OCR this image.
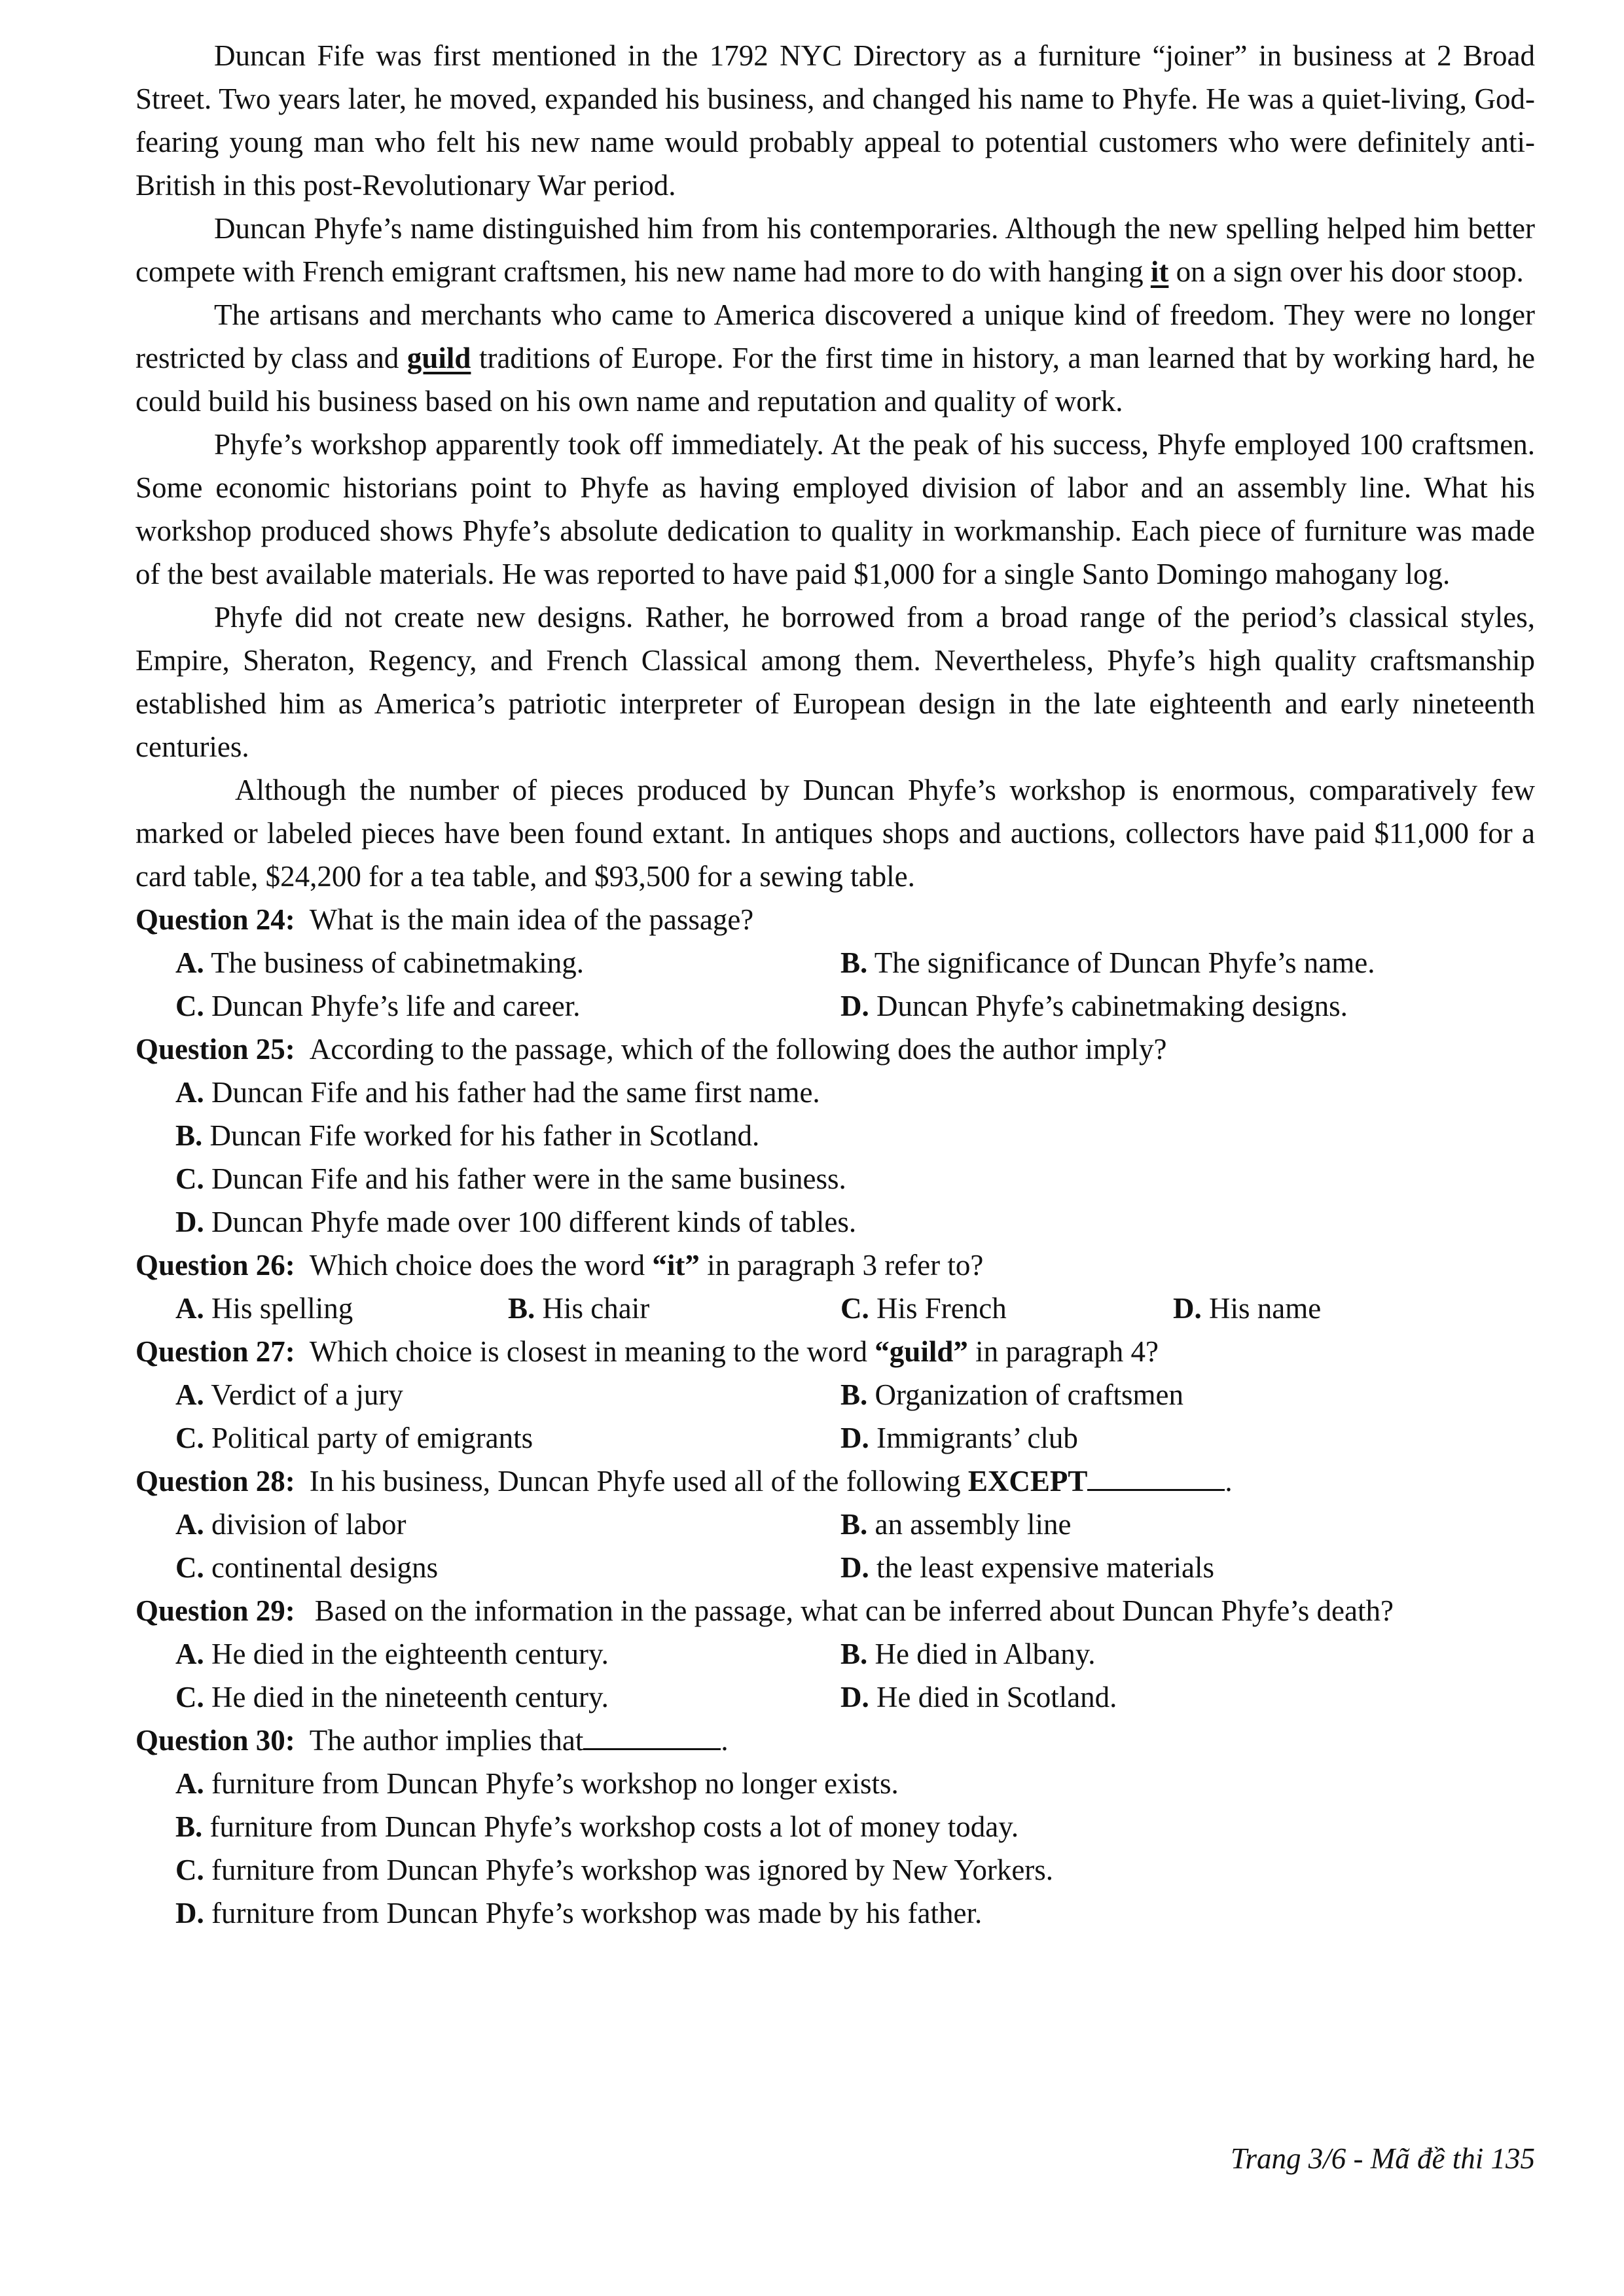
Duncan Fife was first mentioned in the 1792 NYC Directory as a furniture “joiner” in business at 2 Broad Street. Two years later, he moved, expanded his business, and changed his name to Phyfe. He was a quiet-living, God-fearing young man who felt his new name would probably appeal to potential customers who were definitely anti-British in this post-Revolutionary War period.

Duncan Phyfe’s name distinguished him from his contemporaries. Although the new spelling helped him better compete with French emigrant craftsmen, his new name had more to do with hanging it on a sign over his door stoop.

The artisans and merchants who came to America discovered a unique kind of freedom. They were no longer restricted by class and guild traditions of Europe. For the first time in history, a man learned that by working hard, he could build his business based on his own name and reputation and quality of work.

Phyfe’s workshop apparently took off immediately. At the peak of his success, Phyfe employed 100 craftsmen. Some economic historians point to Phyfe as having employed division of labor and an assembly line. What his workshop produced shows Phyfe’s absolute dedication to quality in workmanship. Each piece of furniture was made of the best available materials. He was reported to have paid $1,000 for a single Santo Domingo mahogany log.

Phyfe did not create new designs. Rather, he borrowed from a broad range of the period’s classical styles, Empire, Sheraton, Regency, and French Classical among them. Nevertheless, Phyfe’s high quality craftsmanship established him as America’s patriotic interpreter of European design in the late eighteenth and early nineteenth centuries.

Although the number of pieces produced by Duncan Phyfe’s workshop is enormous, comparatively few marked or labeled pieces have been found extant. In antiques shops and auctions, collectors have paid $11,000 for a card table, $24,200 for a tea table, and $93,500 for a sewing table.

Question 24: What is the main idea of the passage?

A. The business of cabinetmaking.	B. The significance of Duncan Phyfe’s name.
C. Duncan Phyfe’s life and career.	D. Duncan Phyfe’s cabinetmaking designs.

Question 25: According to the passage, which of the following does the author imply?

A. Duncan Fife and his father had the same first name.
B. Duncan Fife worked for his father in Scotland.
C. Duncan Fife and his father were in the same business.
D. Duncan Phyfe made over 100 different kinds of tables.

Question 26: Which choice does the word “it” in paragraph 3 refer to?

A. His spelling	B. His chair	C. His French	D. His name

Question 27: Which choice is closest in meaning to the word “guild” in paragraph 4?

A. Verdict of a jury	B. Organization of craftsmen
C. Political party of emigrants	D. Immigrants’ club

Question 28: In his business, Duncan Phyfe used all of the following EXCEPT	.

A. division of labor	B. an assembly line
C. continental designs	D. the least expensive materials

Question 29: Based on the information in the passage, what can be inferred about Duncan Phyfe’s death?

A. He died in the eighteenth century.	B. He died in Albany.
C. He died in the nineteenth century.	D. He died in Scotland.

Question 30: The author implies that	.

A. furniture from Duncan Phyfe’s workshop no longer exists.
B. furniture from Duncan Phyfe’s workshop costs a lot of money today.
C. furniture from Duncan Phyfe’s workshop was ignored by New Yorkers.
D. furniture from Duncan Phyfe’s workshop was made by his father.
Trang 3/6 - Mã đề thi 135
